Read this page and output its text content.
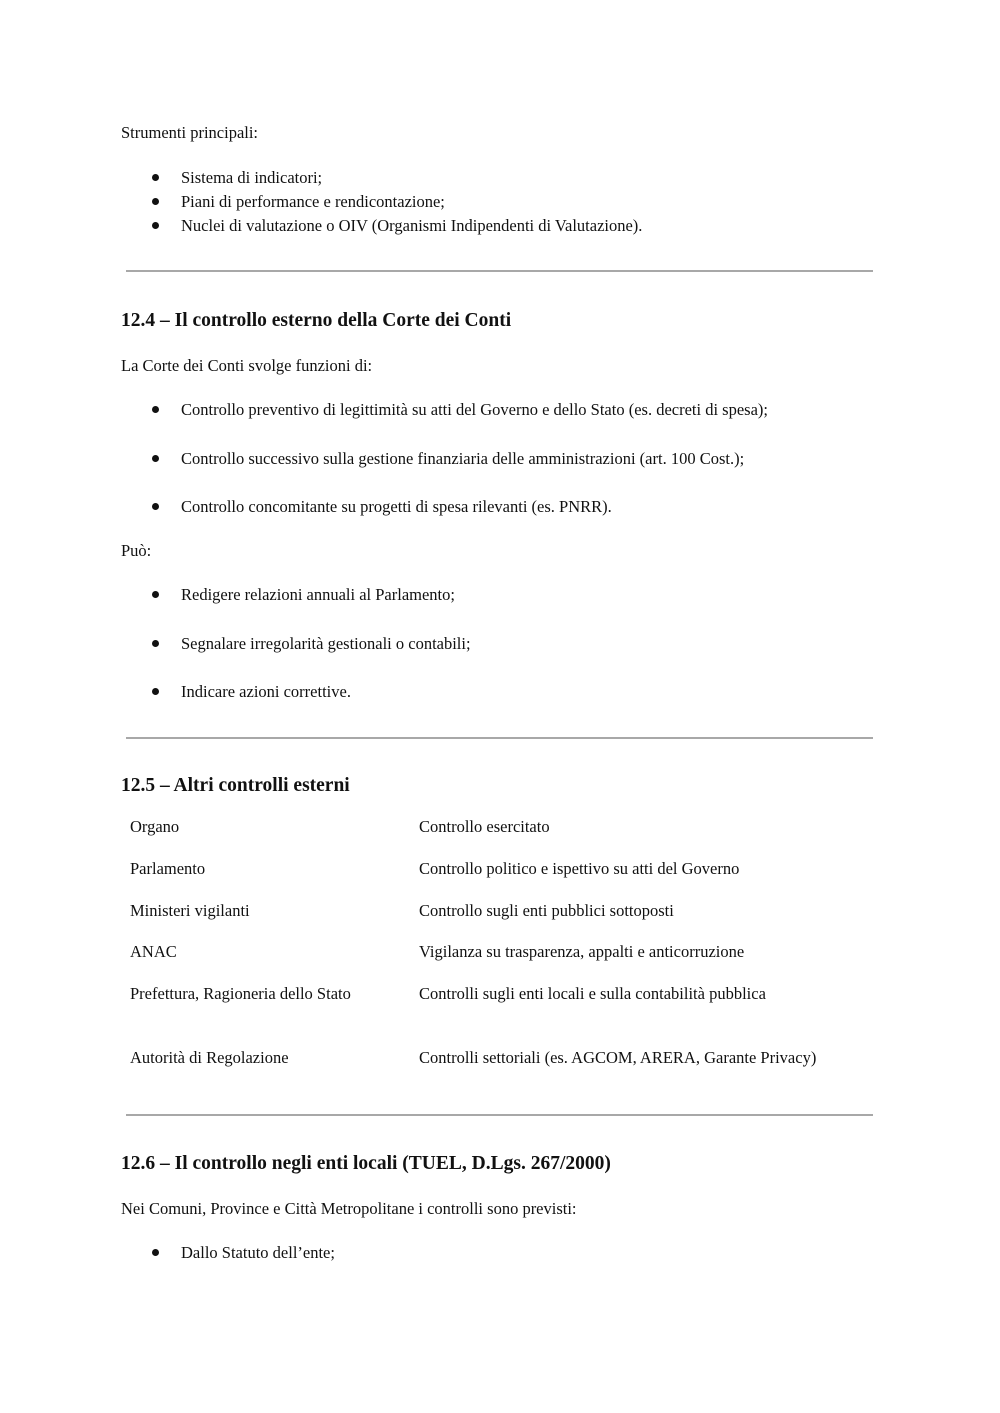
Strumenti principali:
Sistema di indicatori;
Piani di performance e rendicontazione;
Nuclei di valutazione o OIV (Organismi Indipendenti di Valutazione).
12.4 – Il controllo esterno della Corte dei Conti
La Corte dei Conti svolge funzioni di:
Controllo preventivo di legittimità su atti del Governo e dello Stato (es. decreti di spesa);
Controllo successivo sulla gestione finanziaria delle amministrazioni (art. 100 Cost.);
Controllo concomitante su progetti di spesa rilevanti (es. PNRR).
Può:
Redigere relazioni annuali al Parlamento;
Segnalare irregolarità gestionali o contabili;
Indicare azioni correttive.
12.5 – Altri controlli esterni
Organo	Controllo esercitato
Parlamento	Controllo politico e ispettivo su atti del Governo
Ministeri vigilanti	Controllo sugli enti pubblici sottoposti
ANAC	Vigilanza su trasparenza, appalti e anticorruzione
Prefettura, Ragioneria dello Stato	Controlli sugli enti locali e sulla contabilità pubblica
Autorità di Regolazione	Controlli settoriali (es. AGCOM, ARERA, Garante Privacy)
12.6 – Il controllo negli enti locali (TUEL, D.Lgs. 267/2000)
Nei Comuni, Province e Città Metropolitane i controlli sono previsti:
Dallo Statuto dell’ente;
